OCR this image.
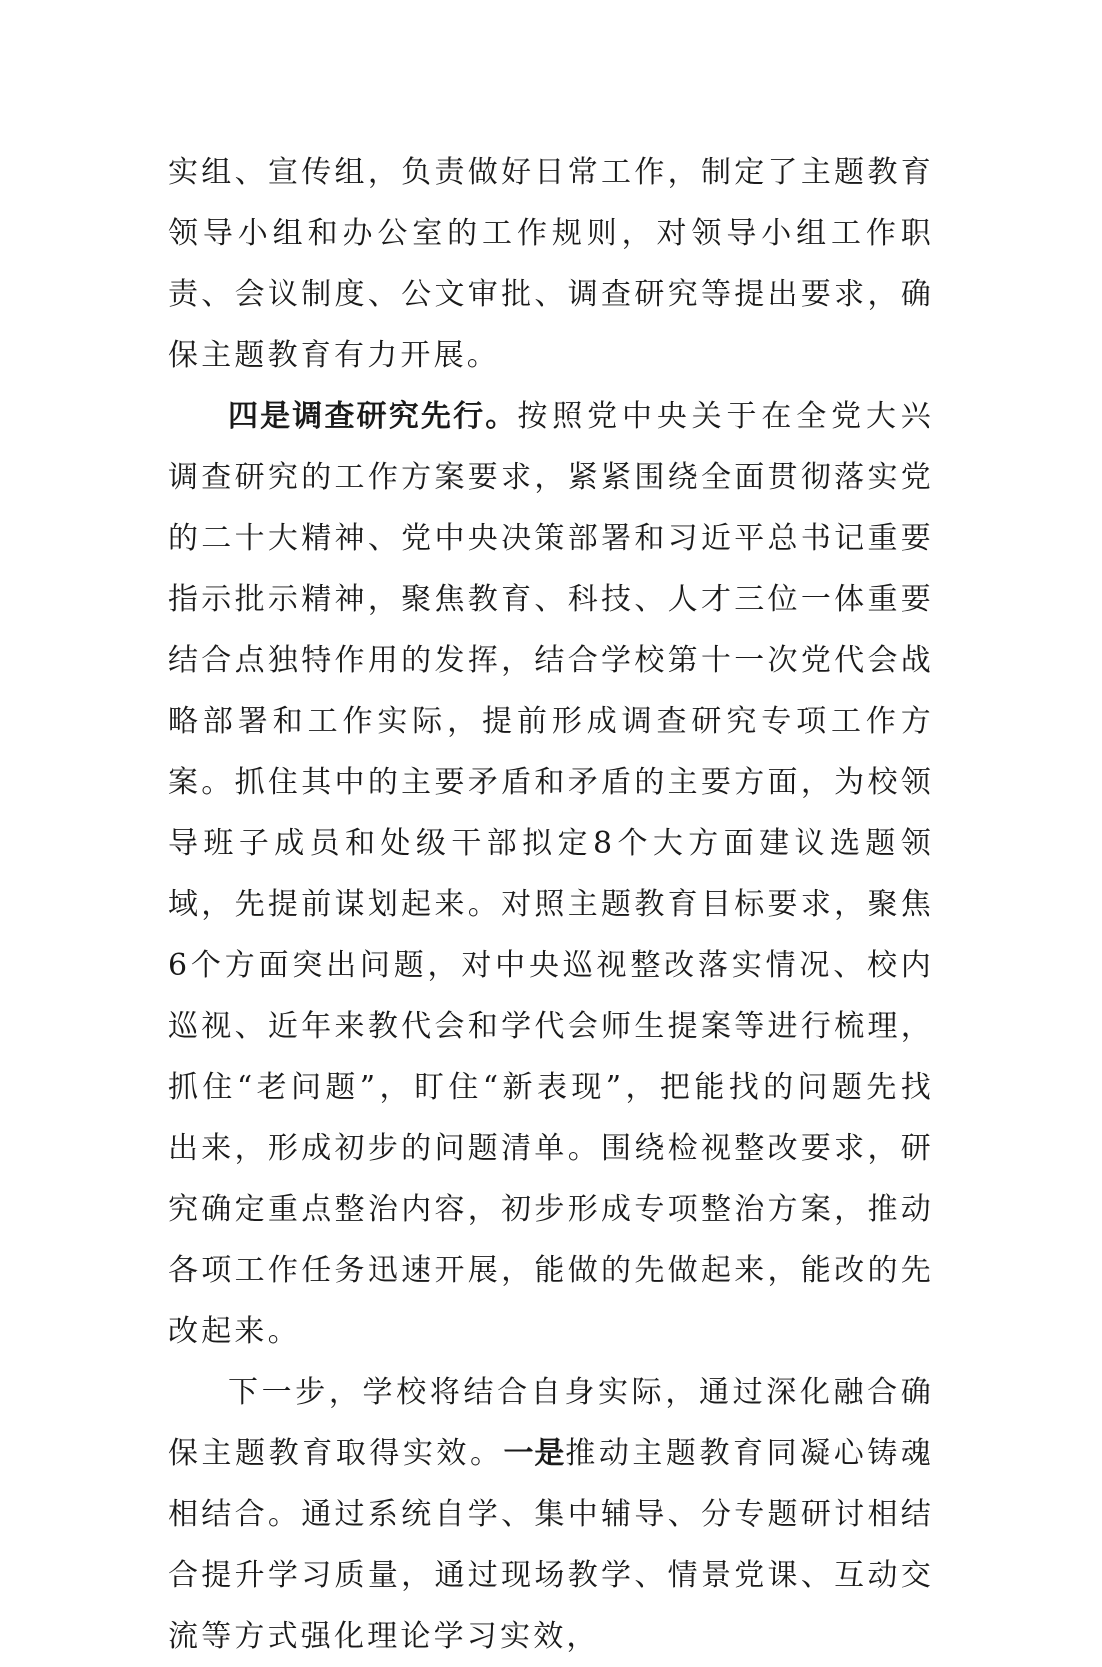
实组、宣传组，负责做好日常工作，制定了主题教育领导小组和办公室的工作规则，对领导小组工作职责、会议制度、公文审批、调查研究等提出要求，确保主题教育有力开展。

四是调查研究先行。按照党中央关于在全党大兴调查研究的工作方案要求，紧紧围绕全面贯彻落实党的二十大精神、党中央决策部署和习近平总书记重要指示批示精神，聚焦教育、科技、人才三位一体重要结合点独特作用的发挥，结合学校第十一次党代会战略部署和工作实际，提前形成调查研究专项工作方案。抓住其中的主要矛盾和矛盾的主要方面，为校领导班子成员和处级干部拟定8个大方面建议选题领域，先提前谋划起来。对照主题教育目标要求，聚焦6个方面突出问题，对中央巡视整改落实情况、校内巡视、近年来教代会和学代会师生提案等进行梳理，抓住“老问题”，盯住“新表现”，把能找的问题先找出来，形成初步的问题清单。围绕检视整改要求，研究确定重点整治内容，初步形成专项整治方案，推动各项工作任务迅速开展，能做的先做起来，能改的先改起来。

下一步，学校将结合自身实际，通过深化融合确保主题教育取得实效。一是推动主题教育同凝心铸魂相结合。通过系统自学、集中辅导、分专题研讨相结合提升学习质量，通过现场教学、情景党课、互动交流等方式强化理论学习实效，
